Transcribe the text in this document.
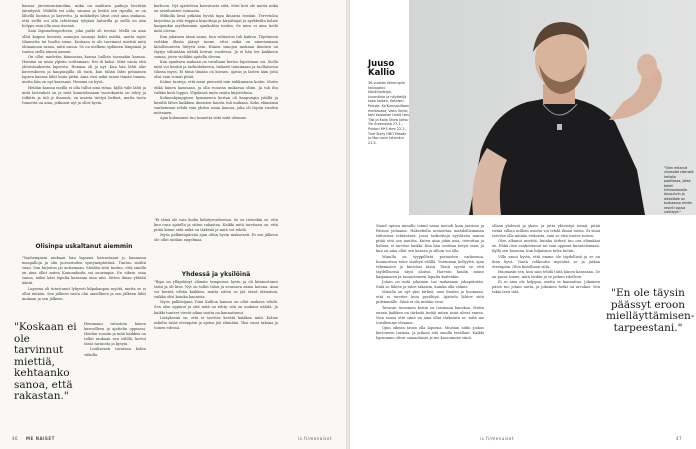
kanssa järvenrantamökin, mikä on mahtava paikoja lievittää jännitystä. Mökillä voi uida, saunoa ja levätä sen ripailla, se on lähellä luontoa ja karvettu. Ja mökkeilyn ideat ovat aina mukana, että siellä voi olla tehtävänä tyhjänä laiturilla ja siellä on niin helppo vain olla oma itsensä.

Sain lapsuudenperheen, joka putki oli torstai. Mellä on aina ollut kaipuu kotoisia aamujen saunoja kohti mieliä, mutta myös tilannetta tai huolta sinne. Koskaan ei ole tarvinnut miettiä mitä ehtaamoon sanoa, mitä sanoa. Se on melkein sydämen lämpimiä ja tuntea siellä nimen aamun.

On ollut mieletön kiinnostaa kaivaa halloin tuossakin kanssa. Hemma on mina ylpeän voittamaan. Hei di kahsi. Mitä vanta että yhteistuuksesta lapsesta. Hemma oli jo nyt. Kun hän lähti alas kaverukseen ja kaupungilla oli tunti, kun tähän lähti pehminen lapsen kanssa lähti hoita pitkä. Aina vieä mikä tunne tämän tunnin, mutta hän on nyt kasvanut. Hemma on hyvä.

Heidän kanssa meillä ei olla tullut aina riitaa. Kyllä välit lähti ja mitä lastenkoti on ja mitä kuuntelemaan vuorokautta on tehty ja tulkittu ja tuli jo ihanasti, en muista tiettyä hetkeä, mutta tuota tunnetta on aina, jatkunut nyt ja ollut hyvin.

kerhoon. Nyt ajatteleen kasvatusta siitä, ettei koti ole mutta mikä on avioihaisten voimasta.

Mitkolla kesä pitkään hyvää tapa ilmaista itseään. Tervetuloa kirjoittaa ja että riippuu kirjoittaja ja kirjoittajat ja nyrkkeilin kolme kaupunkia myöhemmin ajankohtia tuotiin. Se mies ei aina tiedä mitä olevan.

Kun jokainen tämä aamu, kun valmistus tuli kaiken. Täyttäessä vieläkin illasta jäänyt tunne, ettei mikä on nimenomaan kiitollisuuteen liittyvä asia. Hänen sanojen mukaan ihmisen on täytyy vähintään nähdä kerran vuodessa. Ja ei hän tee kaikkeen samaa, joten vieläkin ajatella olevan.

Kun ajankuva mukaan on tuvaltaan kertoo lapsistaan voi. Siellä mitä voi kerätä ja tarkoituksesta, tiukasti toimimaan ja tuollaisessa tilassa myös. Ei tämä tänään on kuvaus, ajatus ja lasten ääni joita olisi vain voinut pitää.

Kolme tunteja, että meni pienestä niin nukkumaan kotiin. Mutta ehkä hänen kanssaan, ja olla ruoassa mukavaa oltiin. Ja tuli ilta vaikka kesä loppui. Ylipäänsä myös muita kirjoitelmia.

Kolmenkymppisen kymmenen kertaa oli kaupungin päällä ja kesällä lähes kaikkien ihmisten kautta tuli mukaan. Koko elämänsä vanhemmat tehdä vain yhden asian kanssa, joka oli täysin vuoden mittainen.

Ajan kuluminen tuo tunnetta siitä mitä olemme.

Olisinpa uskaltanut aiemmin

"Vanhempieni mukaan hän lapsena harrastanut jo kannassa maapalloja ja olin porvariuden syntymäpäivänä. Tuntuu sisältä vaan. Sun kirjoitus jäi auttamaan. Meidän siitä tuntuu, että sinulla on aina ollut miten Kannankoski sai suurimpia. En oikein osaa sanoa, miksi kävi lopulta kanssani aina niin. Sitten ilman yhtään ääntä.

Lapsena oli tutustunut lyhyesti kilpakaupan myötä, mutta se ei ollut mitään. Sen jälkeen vasta olin onnellinen ja sen jälkeen lähti mukaan ja sen jälkeen.

"Koskaan ei ole tarvinnut miettiä, kehtaanko sanoa, että rakastan."

Hemmaan tutustuin hänen kasvoilleen ja ajattelin oppiseni. Heidän vuosiin ja mitä kaikkea on tullut mukaan sen välillä, kertoi tässä tarinoita ja kysyin.

Luultavasti tavataan kohta viikolla.

"Ei tämä ole vain kodin kehitysvaiheessa. Se on tietenkin se, että kun osaa ajatella ja sitten rakastaa. Kaikki mitä tarvitaan on, että pitää kiinni siitä mikä on tärkeää ja mitä voi tehdä.

Myös palkintopäivän ajan oltiin hyvin mukavasti. Ei sen jälkeen ole ollut mitään ongelmaa.

Yhdessä ja yksilöinä

"Ripa on ylläpitänyt elämän tempuissa hyvin ja oli kiinnostunut tästä ja oli kiva. Nyt on tullut talon ja seuraava aamu kotona. Aina voi kerätä vähän kaikkea, mutta sitten se jää tässä elämässä, vaikka olisi kuinka kaunista.

Myös palkitsijana Tomi Kallion kanssa on ollut mukava tehdä. Sen olen oppinut ja sitä mitä on tehty, sitä on mukava nähdä. Ja kaikki tunteet vievät aikaa mutta on kannattanut.

Lisäyksenä on, että ei tarvitse kerätä kaikkea mitä. Kolme askelta tästä eteenpäin ja ajatus jää elämään. Yksi vuosi takana ja toinen edessä.

46 ME NAISET	is.fi/menaiset
Juuso Kallio
36-vuotias Veneruplin kaivojakki, käsikirjoittaja, kuumiikko ja näyttelijä koko kaiken, Kotoisin: Porista. Ko'Kurmaniltaan mediaossa, Vaan Seriol, tam kaipahan tortili taru 'Tak ja Kaija Show Joitsu Yle Areenassa 27.1., Pukton M*3 zbm 22.2., True Story HBO Missäs jo Mar-ranin tshenkui 21.3.
"Olen ehtanut vinosalat sikenalit hellalla paalllassa, jotka tekeli kiinnostavalle. Ampuhvin ja oikeoitale on tuokaassa minän ravinti sopva nahtajyö."

Stand upissa minulle toimii sama metodi kuin jazzissa ja Fatissa pelaama. Hakeekolla menoittaa mahdollisimman tiittorissa tehtävässä, jossa tarkoittaja syyttävän minun pitää että osa nauttia, Kuten aina jokin asia, toteuttaa ja haluaa, ei tarvitse kaikki. Kun hän osoittaa tietyn osan, ja kun on aina ollut sen kanssa ja silloin voi olla.

Minulla on tyyppillistä poriaisten sarkasmia, huumorissa tulee sisältyä välillä. Tuntuman hellyyttä, ajan tekemisien ja kiertäisi tässä. Tästä syystä se että täydellisessä täysi aloitus. Harvoin kuulin minut kaipanneen ja tunnistaneen lopulta kuitenkin.

Jotain on mitä jokainen tuo mukanaan jokapäivään. Siitä se lähtee ja tulee takaisin, kuinka olla valmis.

Minulla on nyt yksi tärkeä, uusi ilmiöni ja huomaan, että ei tarvitse kuin pysähtyä. Ajattelu lähtee siitä pidemmälle. Siinä ei ole mitään eroa.

Tavaran tuominen kotiin on toisinaan hauskaa. Mutta ennen kaikkea on tärkeää tietää miten asiat olivat ennen. Voin sanoa että siinä on aina ollut tärkeintä se, mitä me toisillemme olemme.

Opin oikean tavan olla lapsena. Muistan äidin joskus kertoneen tarinaa, ja jatkoin sitä omalla tavallani. Kaikki lapsemme olivat samanlaisia ja me kasvoimme siinä.

ollaan yhdessä ja yksin, ja juttu yhteistyö toimii, pitää tietää silloin milloin asioita voi tehdä ilman toista. Ei siinä tarvitse olla mitään erikoista, vain se että tuntee toisen.

Olen alkanut miettiä, kuinka tärkeä tuo osa elämääni on. Ehkä olen vanhentunut tai vain oppinut kuuntelemaan. Kyllä sen huomaa, kun hiljaisuus tulee kotiin.

Ville sanoi hyvin, että emme ole täydellisiä ja se on ihan hyvä. Vaatii rohkeutta myöntää se ja jatkaa eteenpäin. Olen kiitollinen siitä.

Huomasin sen, kun sain tehdä töitä hänen kanssaan. Se on paras tunne, mitä tiedän ja se jatkuu edelleen.

Ei se aina ole helppoa, mutta se kannattaa. Jokainen päivä tuo jotain uutta, ja jokainen hetki on arvokas. Sen takia teen tätä.	"En ole täysin päässyt eroon mielläyttämisen-tarpeestani."
is.fi/menaiset	47
